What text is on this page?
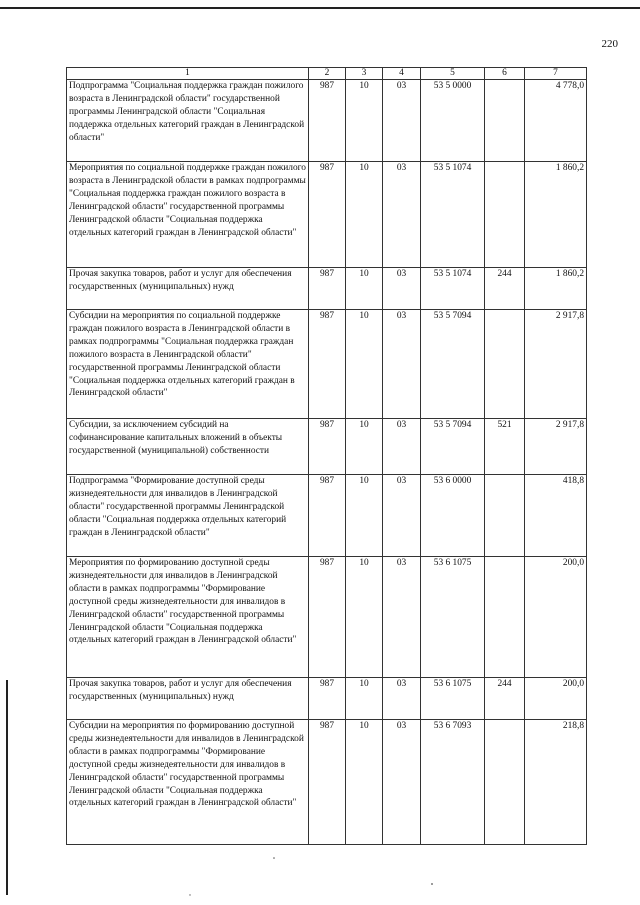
220
1	2	3	4	5	6	7
Подпрограмма "Социальная поддержка граждан пожилого возраста в Ленинградской области" государственной программы Ленинградской области "Социальная поддержка отдельных категорий граждан в Ленинградской области"	987	10	03	53 5 0000		4 778,0
Мероприятия по социальной поддержке граждан пожилого возраста в Ленинградской области в рамках подпрограммы "Социальная поддержка граждан пожилого возраста в Ленинградской области" государственной программы Ленинградской области "Социальная поддержка отдельных категорий граждан в Ленинградской области"	987	10	03	53 5 1074		1 860,2
Прочая закупка товаров, работ и услуг для обеспечения государственных (муниципальных) нужд	987	10	03	53 5 1074	244	1 860,2
Субсидии на мероприятия по социальной поддержке граждан пожилого возраста в Ленинградской области в рамках подпрограммы "Социальная поддержка граждан пожилого возраста в Ленинградской области" государственной программы Ленинградской области "Социальная поддержка отдельных категорий граждан в Ленинградской области"	987	10	03	53 5 7094		2 917,8
Субсидии, за исключением субсидий на софинансирование капитальных вложений в объекты государственной (муниципальной) собственности	987	10	03	53 5 7094	521	2 917,8
Подпрограмма "Формирование доступной среды жизнедеятельности для инвалидов в Ленинградской области" государственной программы Ленинградской области "Социальная поддержка отдельных категорий граждан в Ленинградской области"	987	10	03	53 6 0000		418,8
Мероприятия по формированию доступной среды жизнедеятельности для инвалидов в Ленинградской области в рамках подпрограммы "Формирование доступной среды жизнедеятельности для инвалидов в Ленинградской области" государственной программы Ленинградской области "Социальная поддержка отдельных категорий граждан в Ленинградской области"	987	10	03	53 6 1075		200,0
Прочая закупка товаров, работ и услуг для обеспечения государственных (муниципальных) нужд	987	10	03	53 6 1075	244	200,0
Субсидии на мероприятия по формированию доступной среды жизнедеятельности для инвалидов в Ленинградской области в рамках подпрограммы "Формирование доступной среды жизнедеятельности для инвалидов в Ленинградской области" государственной программы Ленинградской области "Социальная поддержка отдельных категорий граждан в Ленинградской области"	987	10	03	53 6 7093		218,8
